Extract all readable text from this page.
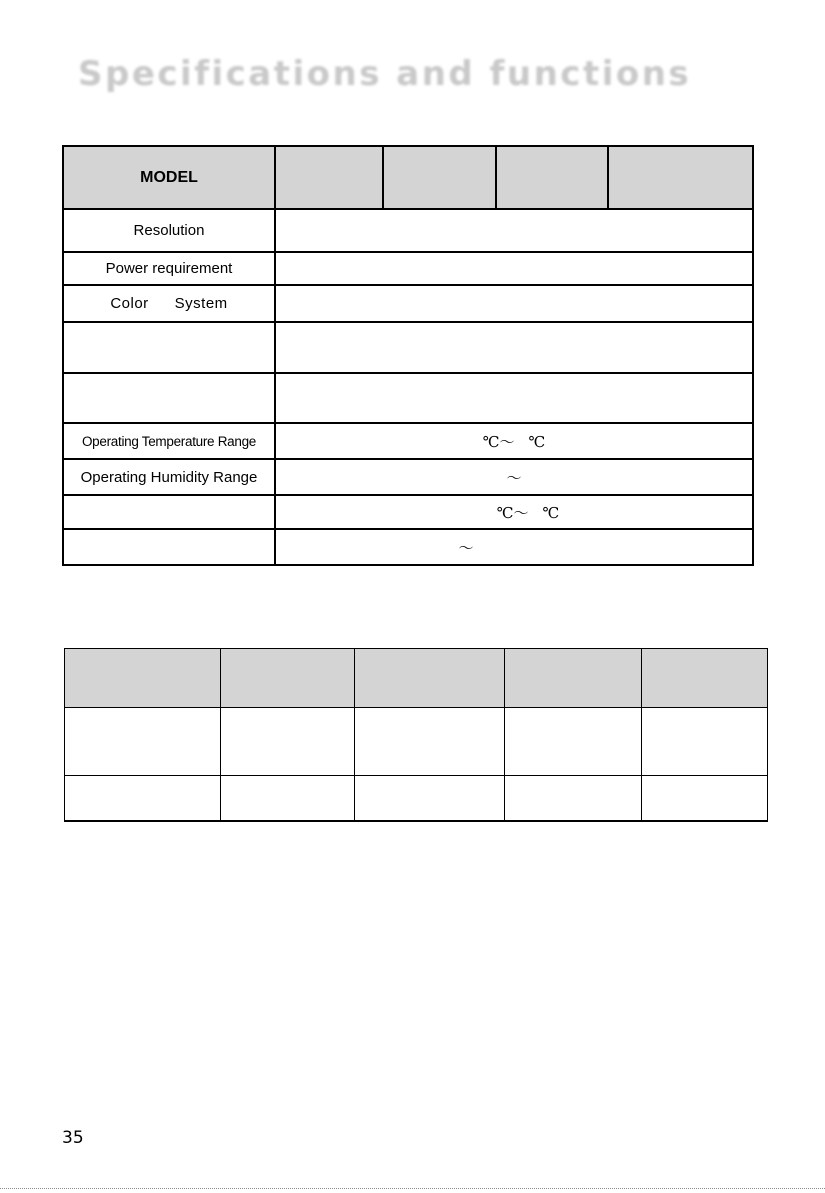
Specifications and functions
MODEL				
Resolution				
Power requirement				
Color System				

Operating Temperature Range	℃～ ℃			
Operating Humidity Range	～			
	℃～ ℃			
	～			

35
